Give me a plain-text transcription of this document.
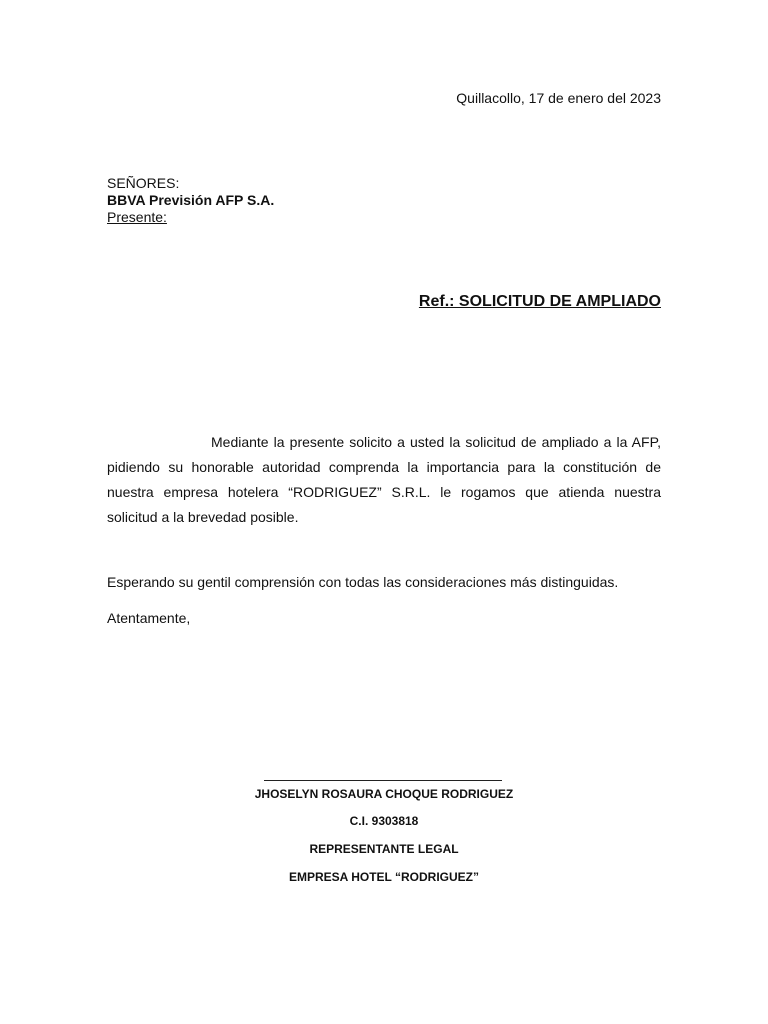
Quillacollo, 17 de enero del 2023
SEÑORES:
BBVA Previsión AFP S.A.
Presente:
Ref.: SOLICITUD DE AMPLIADO

Mediante la presente solicito a usted la solicitud de ampliado a la AFP, pidiendo su honorable autoridad comprenda la importancia para la constitución de nuestra empresa hotelera “RODRIGUEZ” S.R.L. le rogamos que atienda nuestra solicitud a la brevedad posible.

Esperando su gentil comprensión con todas las consideraciones más distinguidas.
Atentamente,
JHOSELYN ROSAURA CHOQUE RODRIGUEZ
C.I. 9303818
REPRESENTANTE LEGAL
EMPRESA HOTEL “RODRIGUEZ”
